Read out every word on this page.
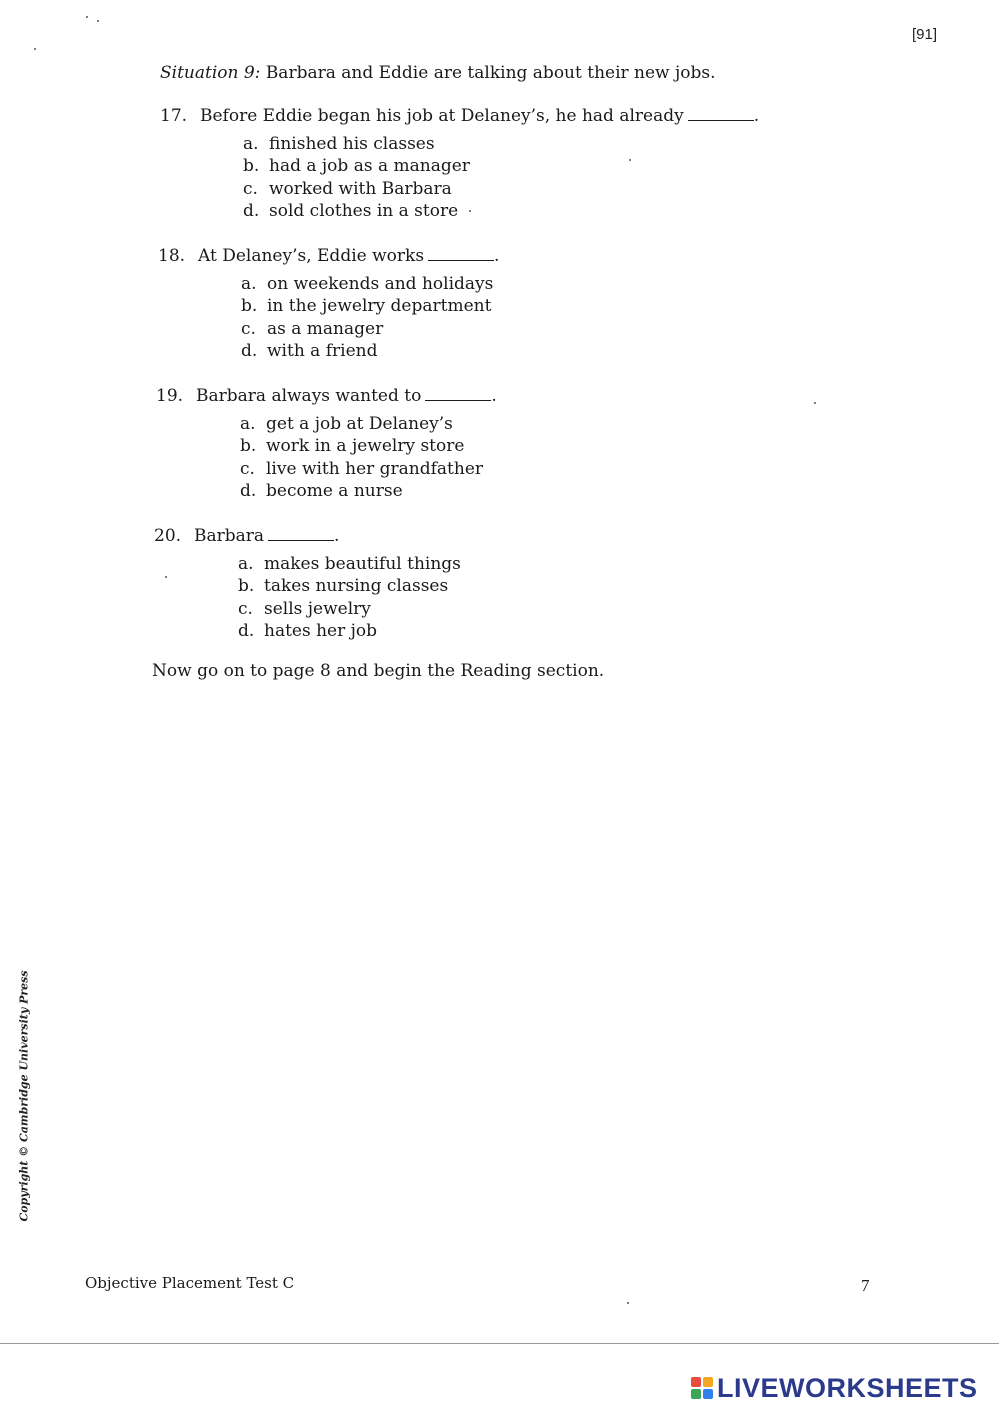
[91]
Situation 9: Barbara and Eddie are talking about their new jobs.
17. Before Eddie began his job at Delaney’s, he had already	.
a. finished his classes
b. had a job as a manager
c. worked with Barbara
d. sold clothes in a store
18. At Delaney’s, Eddie works	.
a. on weekends and holidays
b. in the jewelry department
c. as a manager
d. with a friend
19. Barbara always wanted to	.
a. get a job at Delaney’s
b. work in a jewelry store
c. live with her grandfather
d. become a nurse
20. Barbara	.
a. makes beautiful things
b. takes nursing classes
c. sells jewelry
d. hates her job
Now go on to page 8 and begin the Reading section.
Copyright © Cambridge University Press
Objective Placement Test C	7
LIVEWORKSHEETS
